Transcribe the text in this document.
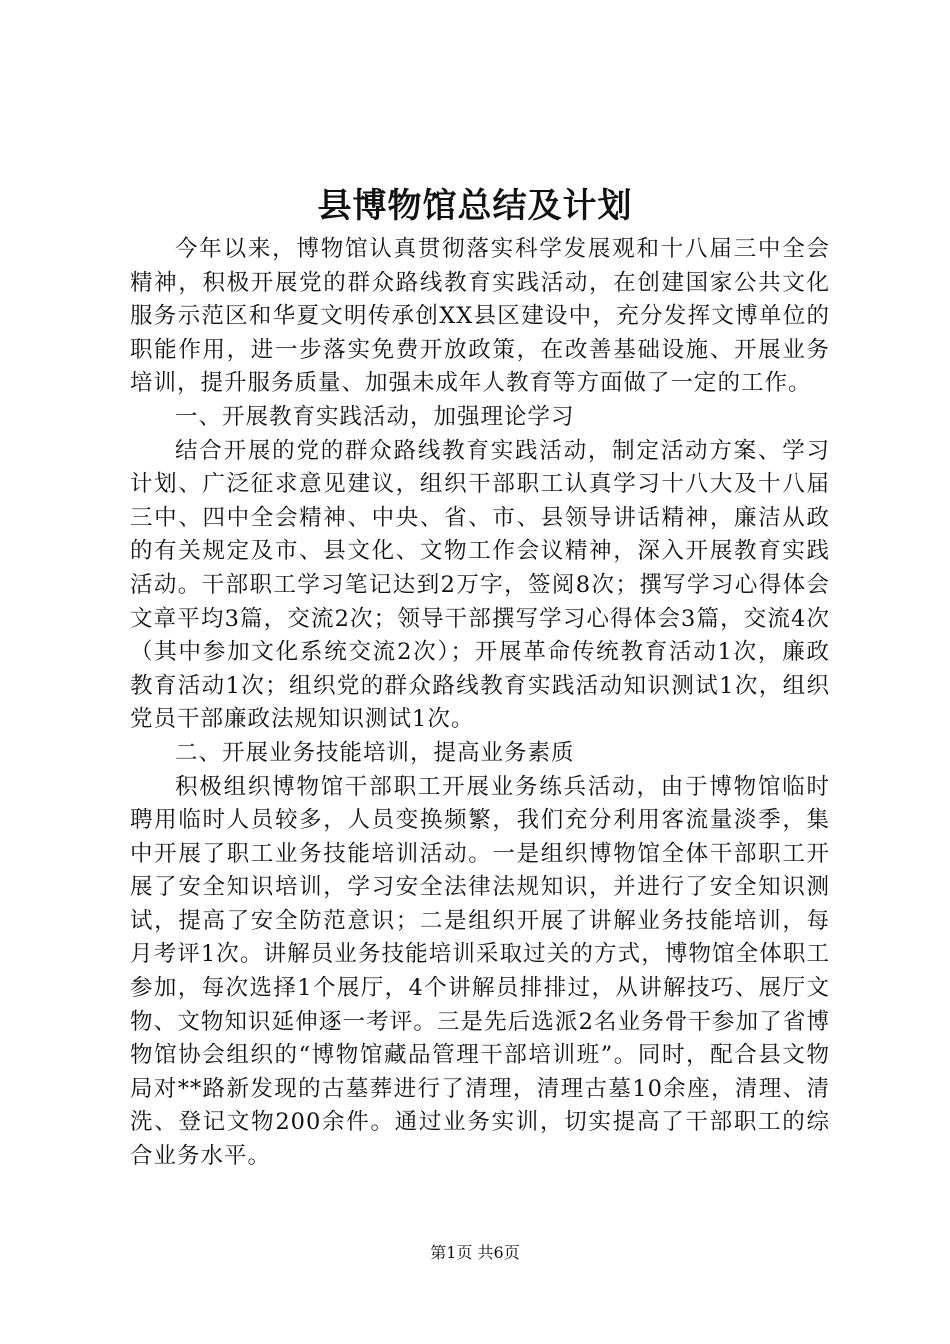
县博物馆总结及计划

今年以来，博物馆认真贯彻落实科学发展观和十八届三中全会精神，积极开展党的群众路线教育实践活动，在创建国家公共文化服务示范区和华夏文明传承创XX县区建设中，充分发挥文博单位的职能作用，进一步落实免费开放政策，在改善基础设施、开展业务培训，提升服务质量、加强未成年人教育等方面做了一定的工作。

一、开展教育实践活动，加强理论学习

结合开展的党的群众路线教育实践活动，制定活动方案、学习计划、广泛征求意见建议，组织干部职工认真学习十八大及十八届三中、四中全会精神、中央、省、市、县领导讲话精神，廉洁从政的有关规定及市、县文化、文物工作会议精神，深入开展教育实践活动。干部职工学习笔记达到2万字，签阅8次；撰写学习心得体会文章平均3篇，交流2次；领导干部撰写学习心得体会3篇，交流4次（其中参加文化系统交流2次）；开展革命传统教育活动1次，廉政教育活动1次；组织党的群众路线教育实践活动知识测试1次，组织党员干部廉政法规知识测试1次。

二、开展业务技能培训，提高业务素质

积极组织博物馆干部职工开展业务练兵活动，由于博物馆临时聘用临时人员较多，人员变换频繁，我们充分利用客流量淡季，集中开展了职工业务技能培训活动。一是组织博物馆全体干部职工开展了安全知识培训，学习安全法律法规知识，并进行了安全知识测试，提高了安全防范意识；二是组织开展了讲解业务技能培训，每月考评1次。讲解员业务技能培训采取过关的方式，博物馆全体职工参加，每次选择1个展厅，4个讲解员排排过，从讲解技巧、展厅文物、文物知识延伸逐一考评。三是先后选派2名业务骨干参加了省博物馆协会组织的“博物馆藏品管理干部培训班”。同时，配合县文物局对**路新发现的古墓葬进行了清理，清理古墓10余座，清理、清洗、登记文物200余件。通过业务实训，切实提高了干部职工的综合业务水平。

第1页 共6页
